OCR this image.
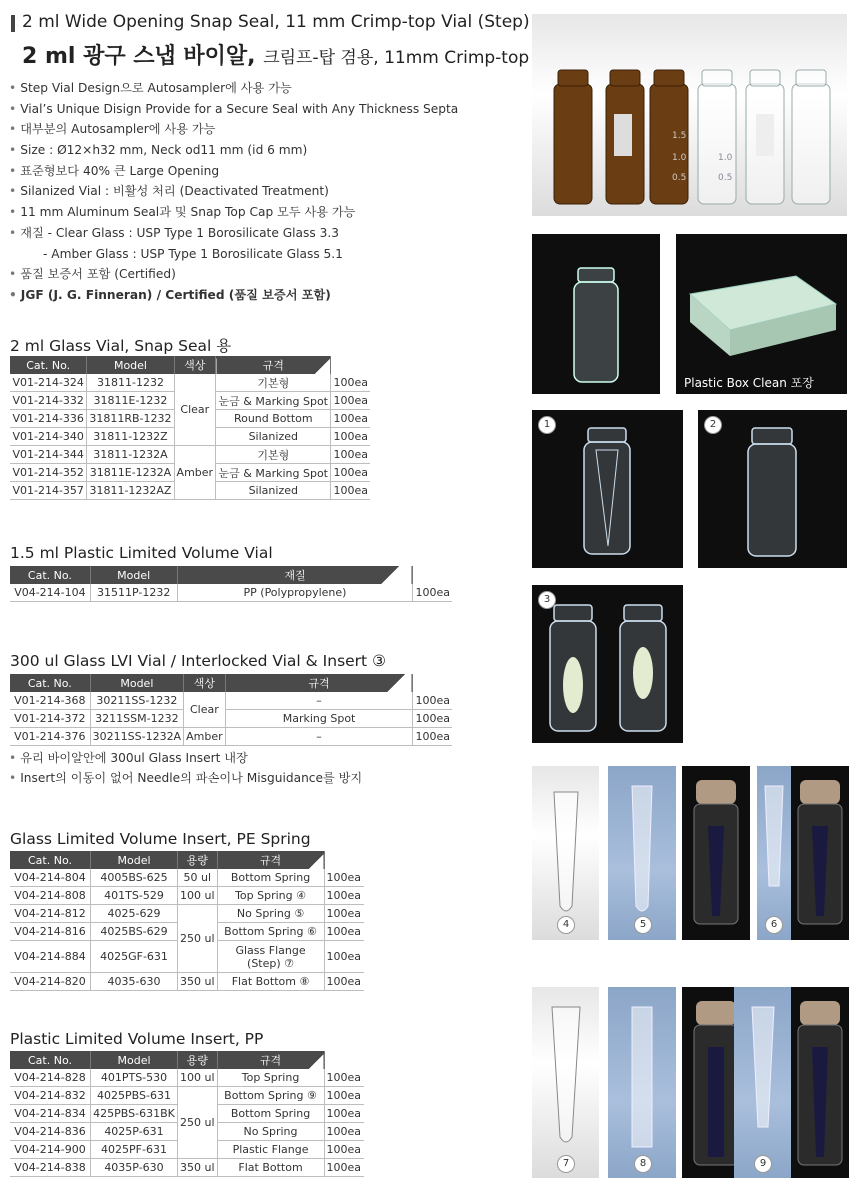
2 ml Wide Opening Snap Seal, 11 mm Crimp-top Vial (Step)
2 ml 광구 스냅 바이알, 크림프-탑 겸용, 11mm Crimp-top
• Step Vial Design으로 Autosampler에 사용 가능
• Vial’s Unique Disign Provide for a Secure Seal with Any Thickness Septa
• 대부분의 Autosampler에 사용 가능
• Size : Ø12×h32 mm, Neck od11 mm (id 6 mm)
• 표준형보다 40% 큰 Large Opening
• Silanized Vial : 비활성 처리 (Deactivated Treatment)
• 11 mm Aluminum Seal과 및 Snap Top Cap 모두 사용 가능
• 재질 - Clear Glass : USP Type 1 Borosilicate Glass 3.3
- Amber Glass : USP Type 1 Borosilicate Glass 5.1
• 품질 보증서 포함 (Certified)
• JGF (J. G. Finneran) / Certified (품질 보증서 포함)
2 ml Glass Vial, Snap Seal 용
Cat. No.	Model	색상	규격	
V01-214-324	31811-1232	Clear	기본형	100ea
V01-214-332	31811E-1232		눈금 & Marking Spot	100ea
V01-214-336	31811RB-1232		Round Bottom	100ea
V01-214-340	31811-1232Z		Silanized	100ea
V01-214-344	31811-1232A	Amber	기본형	100ea
V01-214-352	31811E-1232A		눈금 & Marking Spot	100ea
V01-214-357	31811-1232AZ		Silanized	100ea
1.5 ml Plastic Limited Volume Vial
Cat. No.	Model	재질	
V04-214-104	31511P-1232	PP (Polypropylene)	100ea
300 ul Glass LVI Vial / Interlocked Vial & Insert ③
Cat. No.	Model	색상	규격	
V01-214-368	30211SS-1232	Clear	–	100ea
V01-214-372	3211SSM-1232		Marking Spot	100ea
V01-214-376	30211SS-1232A	Amber	–	100ea
• 유리 바이알안에 300ul Glass Insert 내장
• Insert의 이동이 없어 Needle의 파손이나 Misguidance를 방지
Glass Limited Volume Insert, PE Spring
Cat. No.	Model	용량	규격	
V04-214-804	4005BS-625	50 ul	Bottom Spring	100ea
V04-214-808	401TS-529	100 ul	Top Spring ④	100ea
V04-214-812	4025-629	250 ul	No Spring ⑤	100ea
V04-214-816	4025BS-629		Bottom Spring ⑥	100ea
V04-214-884	4025GF-631		Glass Flange
(Step) ⑦	100ea
V04-214-820	4035-630	350 ul	Flat Bottom ⑧	100ea
Plastic Limited Volume Insert, PP
Cat. No.	Model	용량	규격	
V04-214-828	401PTS-530	100 ul	Top Spring	100ea
V04-214-832	4025PBS-631	250 ul	Bottom Spring ⑨	100ea
V04-214-834	425PBS-631BK		Bottom Spring	100ea
V04-214-836	4025P-631		No Spring	100ea
V04-214-900	4025PF-631		Plastic Flange	100ea
V04-214-838	4035P-630	350 ul	Flat Bottom	100ea
1.5
1.0
0.5
1.0
0.5
Plastic Box Clean 포장
1	2
3
4	5	6
7	8	9
